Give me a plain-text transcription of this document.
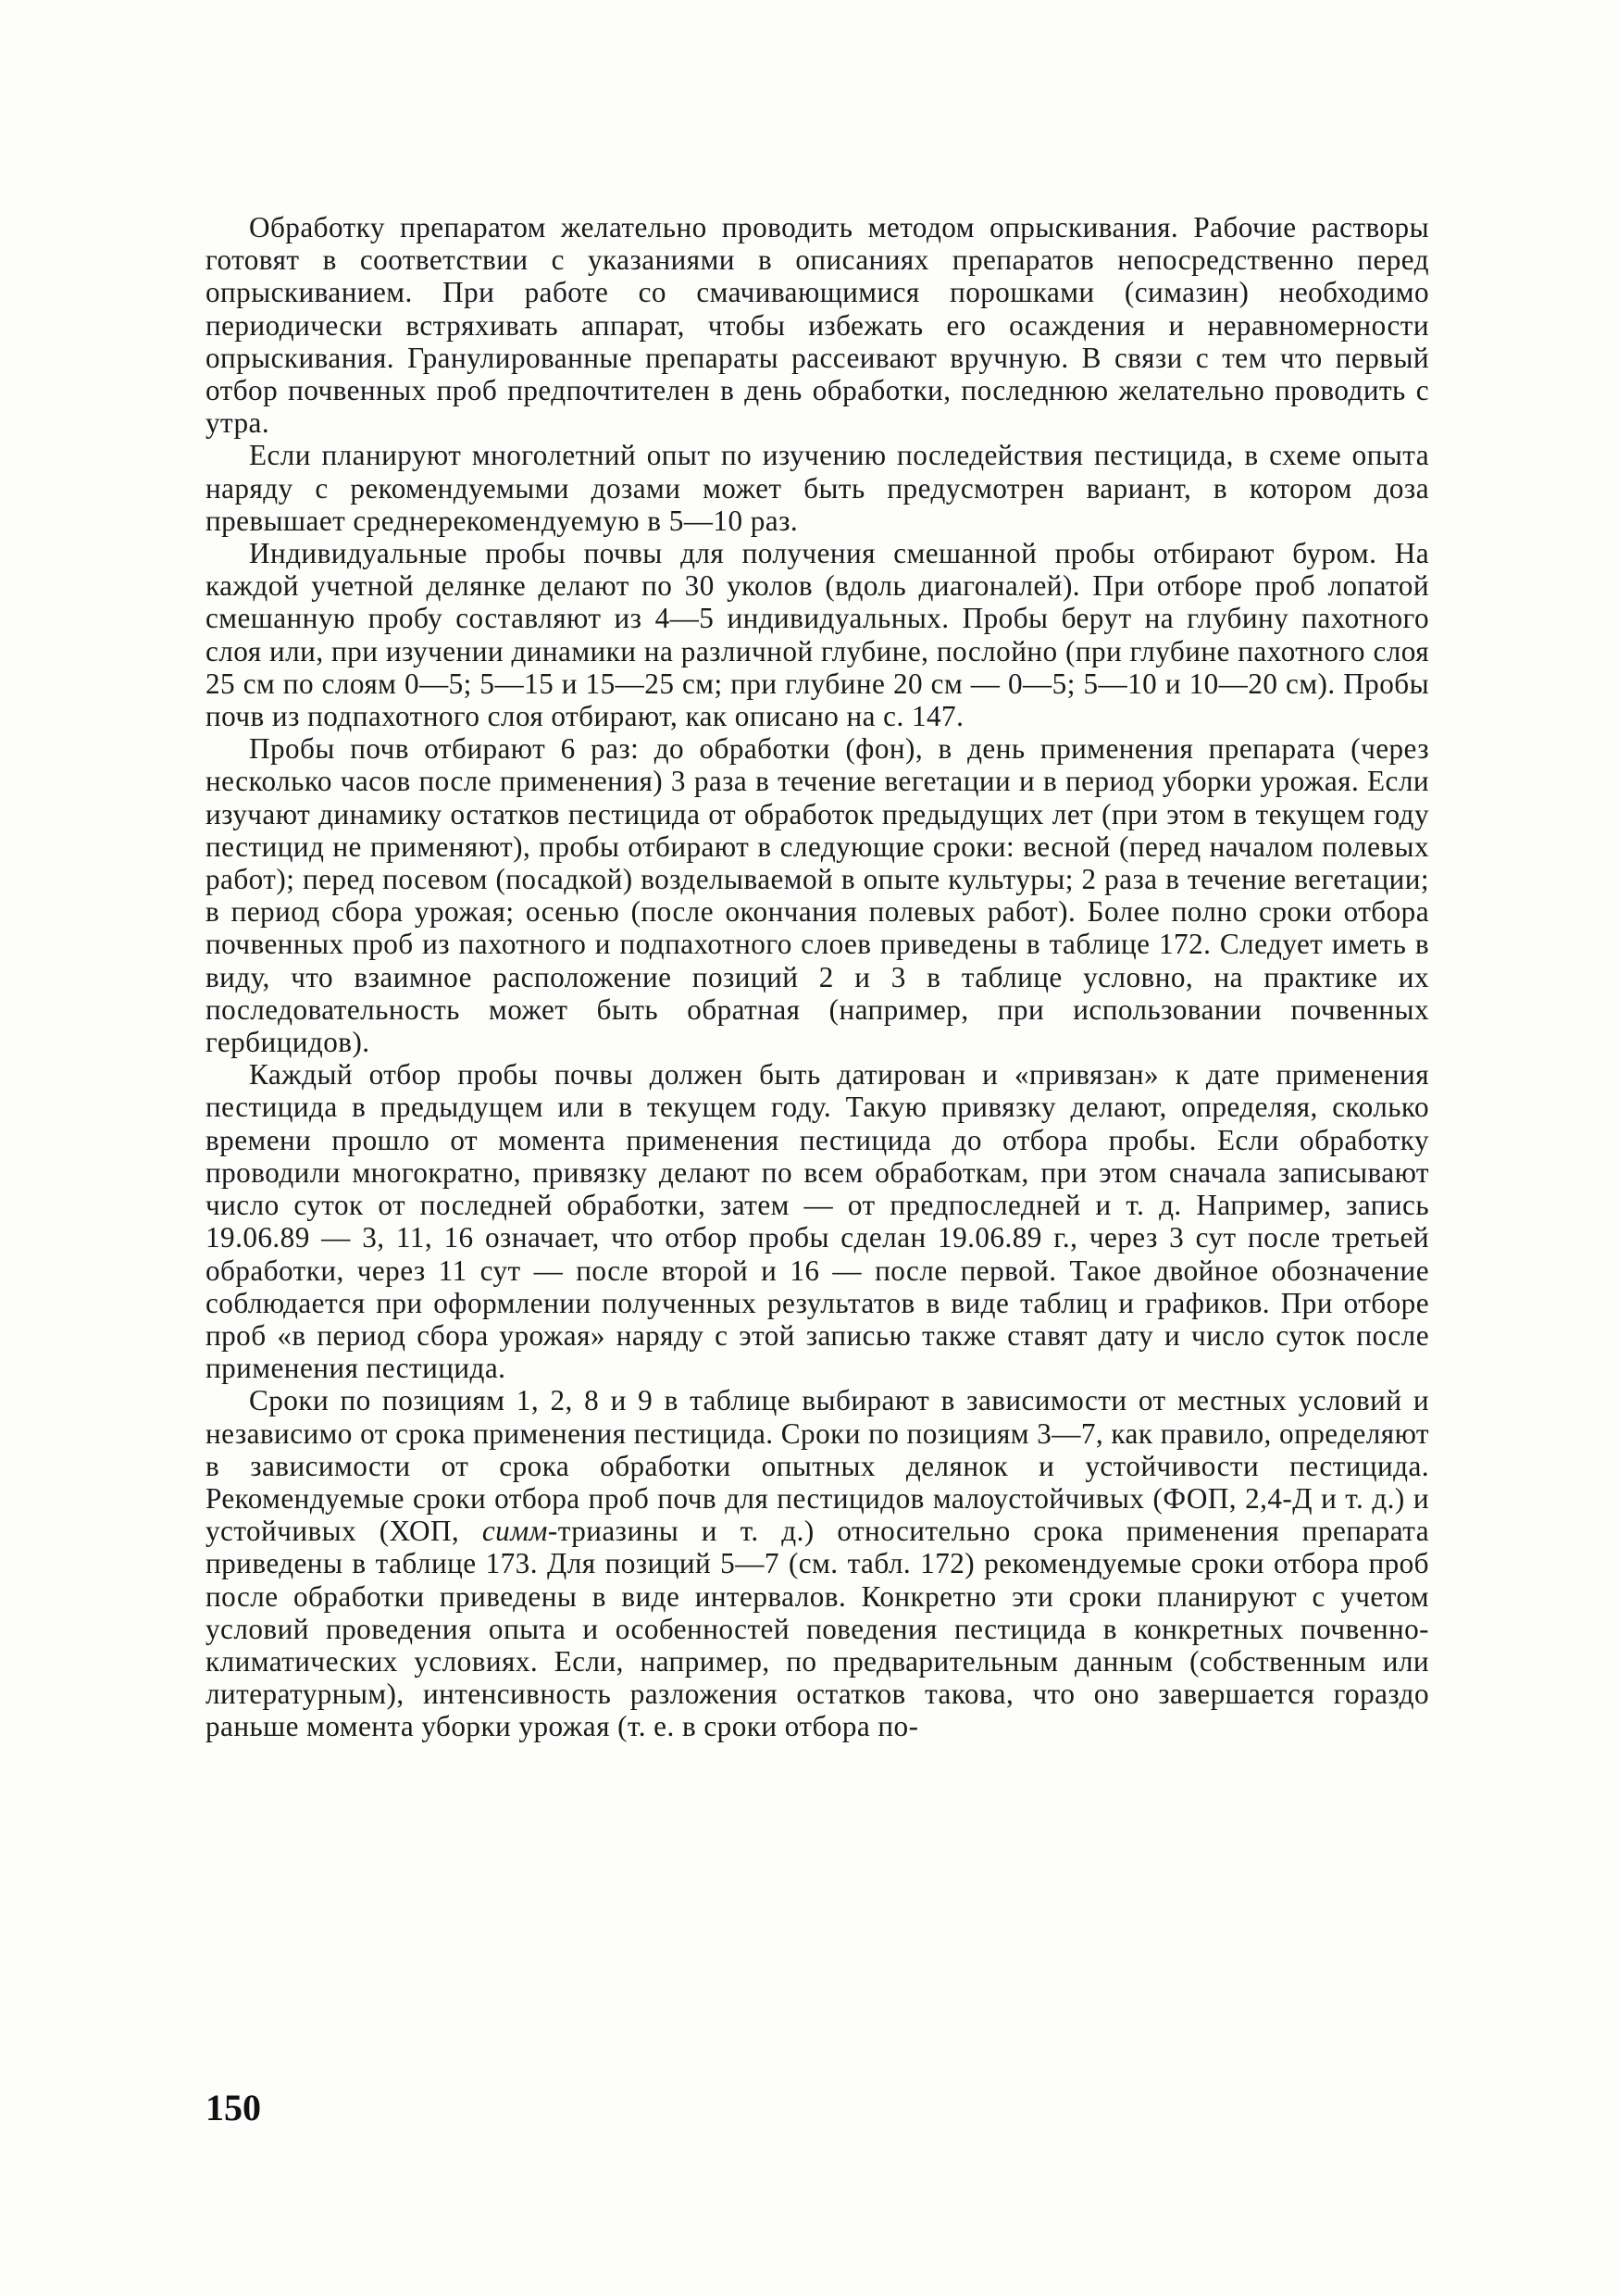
Обработку препаратом желательно проводить методом опрыскивания. Рабочие растворы готовят в соответствии с указаниями в описаниях препаратов непосредственно перед опрыскиванием. При работе со смачивающимися порошками (симазин) необходимо периодически встряхивать аппарат, чтобы избежать его осаждения и неравномерности опрыскивания. Гранулированные препараты рассеивают вручную. В связи с тем что первый отбор почвенных проб предпочтителен в день обработки, последнюю желательно проводить с утра.

Если планируют многолетний опыт по изучению последействия пестицида, в схеме опыта наряду с рекомендуемыми дозами может быть предусмотрен вариант, в котором доза превышает среднерекомендуемую в 5—10 раз.

Индивидуальные пробы почвы для получения смешанной пробы отбирают буром. На каждой учетной делянке делают по 30 уколов (вдоль диагоналей). При отборе проб лопатой смешанную пробу составляют из 4—5 индивидуальных. Пробы берут на глубину пахотного слоя или, при изучении динамики на различной глубине, послойно (при глубине пахотного слоя 25 см по слоям 0—5; 5—15 и 15—25 см; при глубине 20 см — 0—5; 5—10 и 10—20 см). Пробы почв из подпахотного слоя отбирают, как описано на с. 147.

Пробы почв отбирают 6 раз: до обработки (фон), в день применения препарата (через несколько часов после применения) 3 раза в течение вегетации и в период уборки урожая. Если изучают динамику остатков пестицида от обработок предыдущих лет (при этом в текущем году пестицид не применяют), пробы отбирают в следующие сроки: весной (перед началом полевых работ); перед посевом (посадкой) возделываемой в опыте культуры; 2 раза в течение вегетации; в период сбора урожая; осенью (после окончания полевых работ). Более полно сроки отбора почвенных проб из пахотного и подпахотного слоев приведены в таблице 172. Следует иметь в виду, что взаимное расположение позиций 2 и 3 в таблице условно, на практике их последовательность может быть обратная (например, при использовании почвенных гербицидов).

Каждый отбор пробы почвы должен быть датирован и «привязан» к дате применения пестицида в предыдущем или в текущем году. Такую привязку делают, определяя, сколько времени прошло от момента применения пестицида до отбора пробы. Если обработку проводили многократно, привязку делают по всем обработкам, при этом сначала записывают число суток от последней обработки, затем — от предпоследней и т. д. Например, запись 19.06.89 — 3, 11, 16 означает, что отбор пробы сделан 19.06.89 г., через 3 сут после третьей обработки, через 11 сут — после второй и 16 — после первой. Такое двойное обозначение соблюдается при оформлении полученных результатов в виде таблиц и графиков. При отборе проб «в период сбора урожая» наряду с этой записью также ставят дату и число суток после применения пестицида.

Сроки по позициям 1, 2, 8 и 9 в таблице выбирают в зависимости от местных условий и независимо от срока применения пестицида. Сроки по позициям 3—7, как правило, определяют в зависимости от срока обработки опытных делянок и устойчивости пестицида. Рекомендуемые сроки отбора проб почв для пестицидов малоустойчивых (ФОП, 2,4-Д и т. д.) и устойчивых (ХОП, симм-триазины и т. д.) относительно срока применения препарата приведены в таблице 173. Для позиций 5—7 (см. табл. 172) рекомендуемые сроки отбора проб после обработки приведены в виде интервалов. Конкретно эти сроки планируют с учетом условий проведения опыта и особенностей поведения пестицида в конкретных почвенно-климатических условиях. Если, например, по предварительным данным (собственным или литературным), интенсивность разложения остатков такова, что оно завершается гораздо раньше момента уборки урожая (т. е. в сроки отбора по-

150
